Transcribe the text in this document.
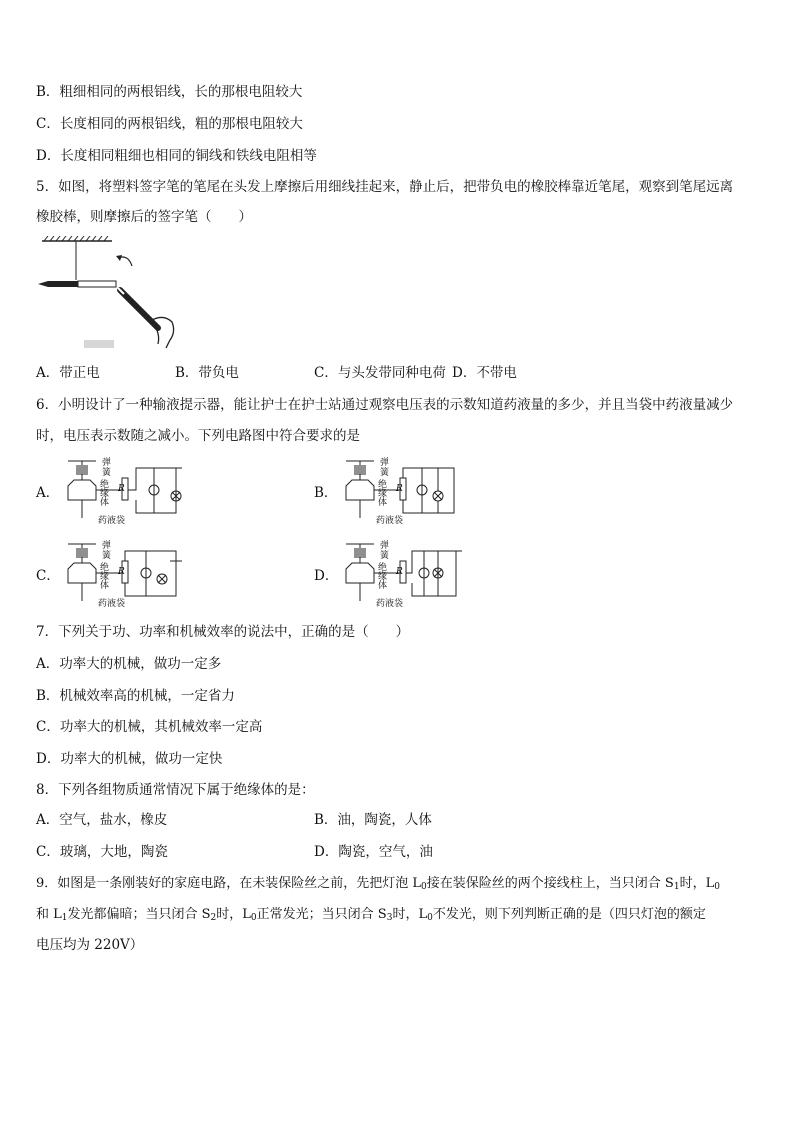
B．粗细相同的两根铝线，长的那根电阻较大
C．长度相同的两根铝线，粗的那根电阻较大
D．长度相同粗细也相同的铜线和铁线电阻相等
5．如图，将塑料签字笔的笔尾在头发上摩擦后用细线挂起来，静止后，把带负电的橡胶棒靠近笔尾，观察到笔尾远离
橡胶棒，则摩擦后的签字笔（　　）
A．带正电	B．带负电	C．与头发带同种电荷 D．不带电
6．小明设计了一种输液提示器，能让护士在护士站通过观察电压表的示数知道药液量的多少，并且当袋中药液量减少
时，电压表示数随之减小。下列电路图中符合要求的是
A．	B．
C．	D．
弹簧
绝缘体
药液袋
R
弹簧
绝缘体
药液袋
R
弹簧
绝缘体
药液袋
R
弹簧
绝缘体
药液袋
R
7．下列关于功、功率和机械效率的说法中，正确的是（　　）
A．功率大的机械，做功一定多
B．机械效率高的机械，一定省力
C．功率大的机械，其机械效率一定高
D．功率大的机械，做功一定快
8．下列各组物质通常情况下属于绝缘体的是：
A．空气，盐水，橡皮	B．油，陶瓷，人体
C．玻璃，大地，陶瓷	D．陶瓷，空气，油
9．如图是一条刚装好的家庭电路，在未装保险丝之前，先把灯泡 $L_0$接在装保险丝的两个接线柱上，当只闭合 $S_1$时，$L_0$
和 $L_1$发光都偏暗；当只闭合 $S_2$时，$L_0$正常发光；当只闭合 $S_3$时，$L_0$不发光，则下列判断正确的是（四只灯泡的额定
电压均为 220V）
